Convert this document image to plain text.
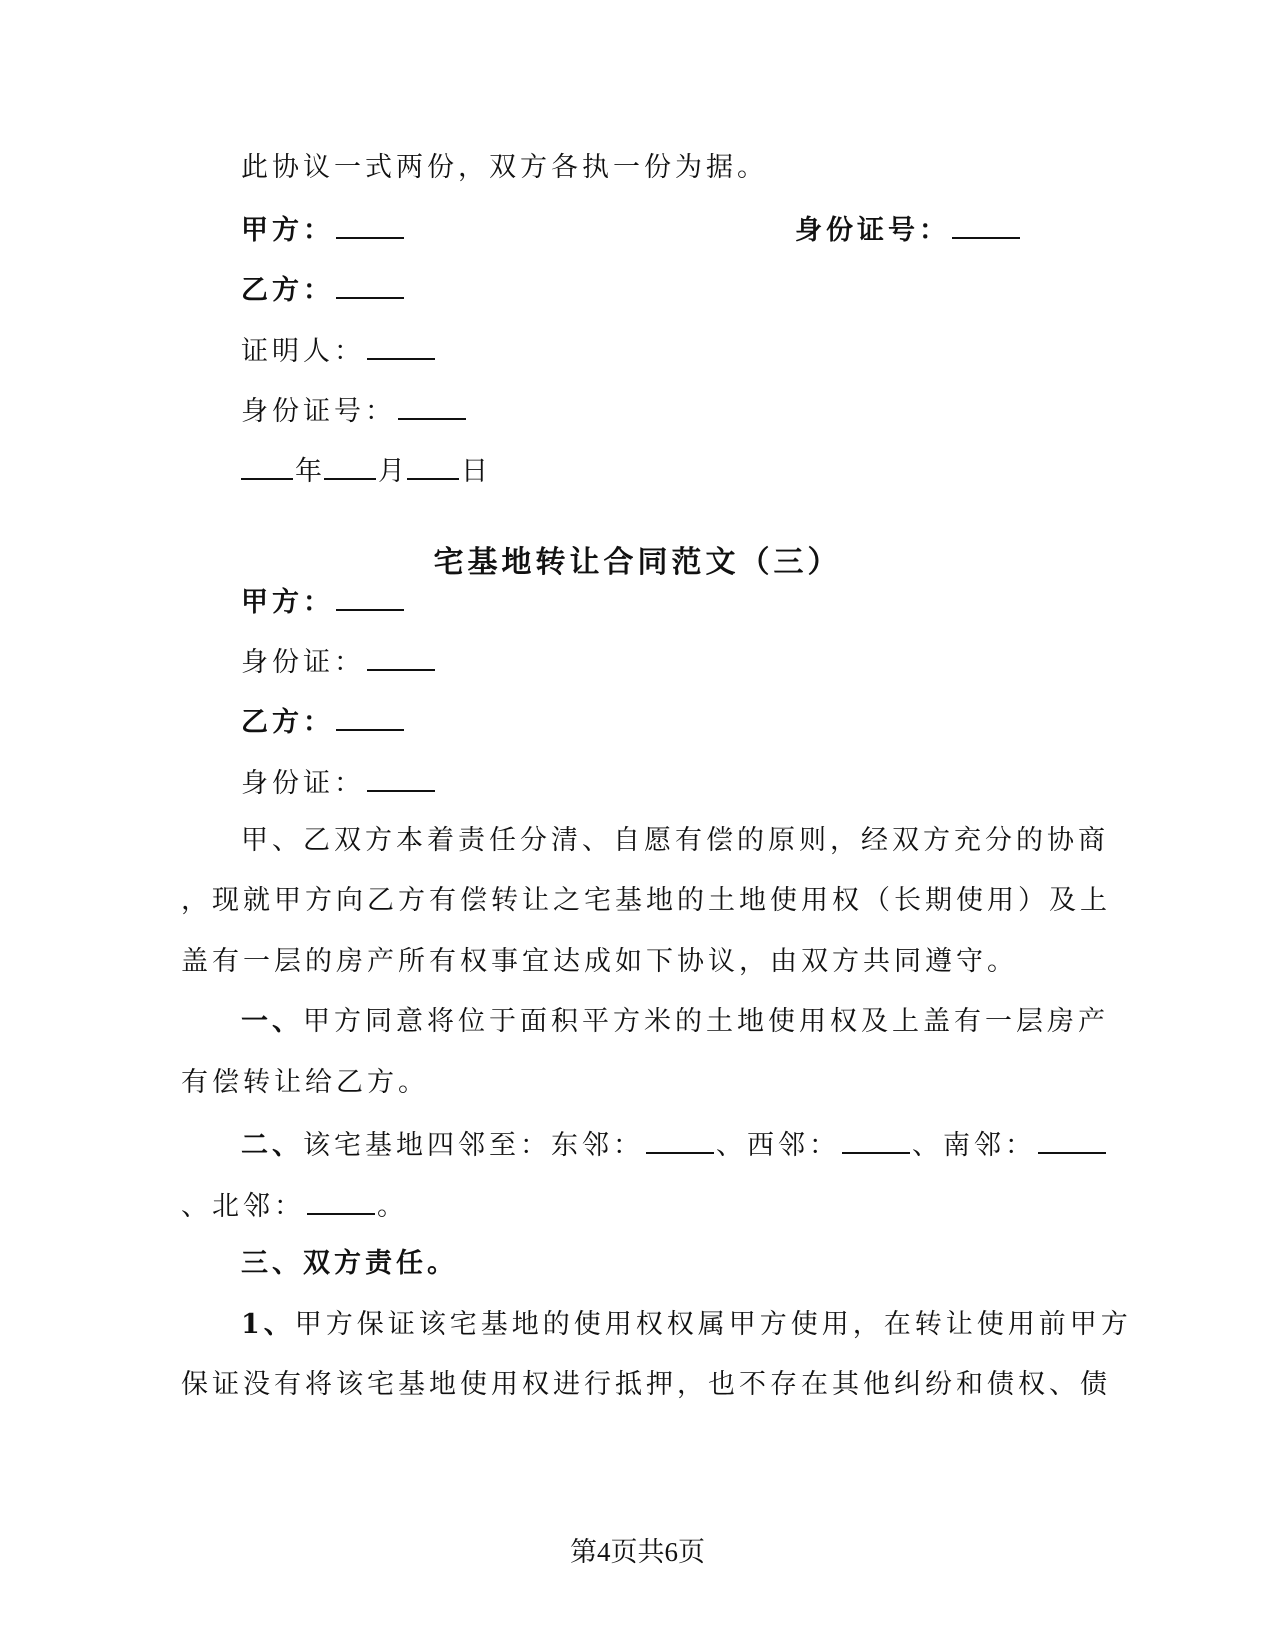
此协议一式两份，双方各执一份为据。
甲方：	身份证号：
乙方：
证明人：
身份证号：
年 月 日
宅基地转让合同范文（三）
甲方：
身份证：
乙方：
身份证：
甲、乙双方本着责任分清、自愿有偿的原则，经双方充分的协商
，现就甲方向乙方有偿转让之宅基地的土地使用权（长期使用）及上
盖有一层的房产所有权事宜达成如下协议，由双方共同遵守。
一、甲方同意将位于面积平方米的土地使用权及上盖有一层房产
有偿转让给乙方。
二、该宅基地四邻至：东邻：	、西邻：	、南邻：
、北邻：	。
三、双方责任。
1、甲方保证该宅基地的使用权权属甲方使用，在转让使用前甲方
保证没有将该宅基地使用权进行抵押，也不存在其他纠纷和债权、债
第4页共6页
